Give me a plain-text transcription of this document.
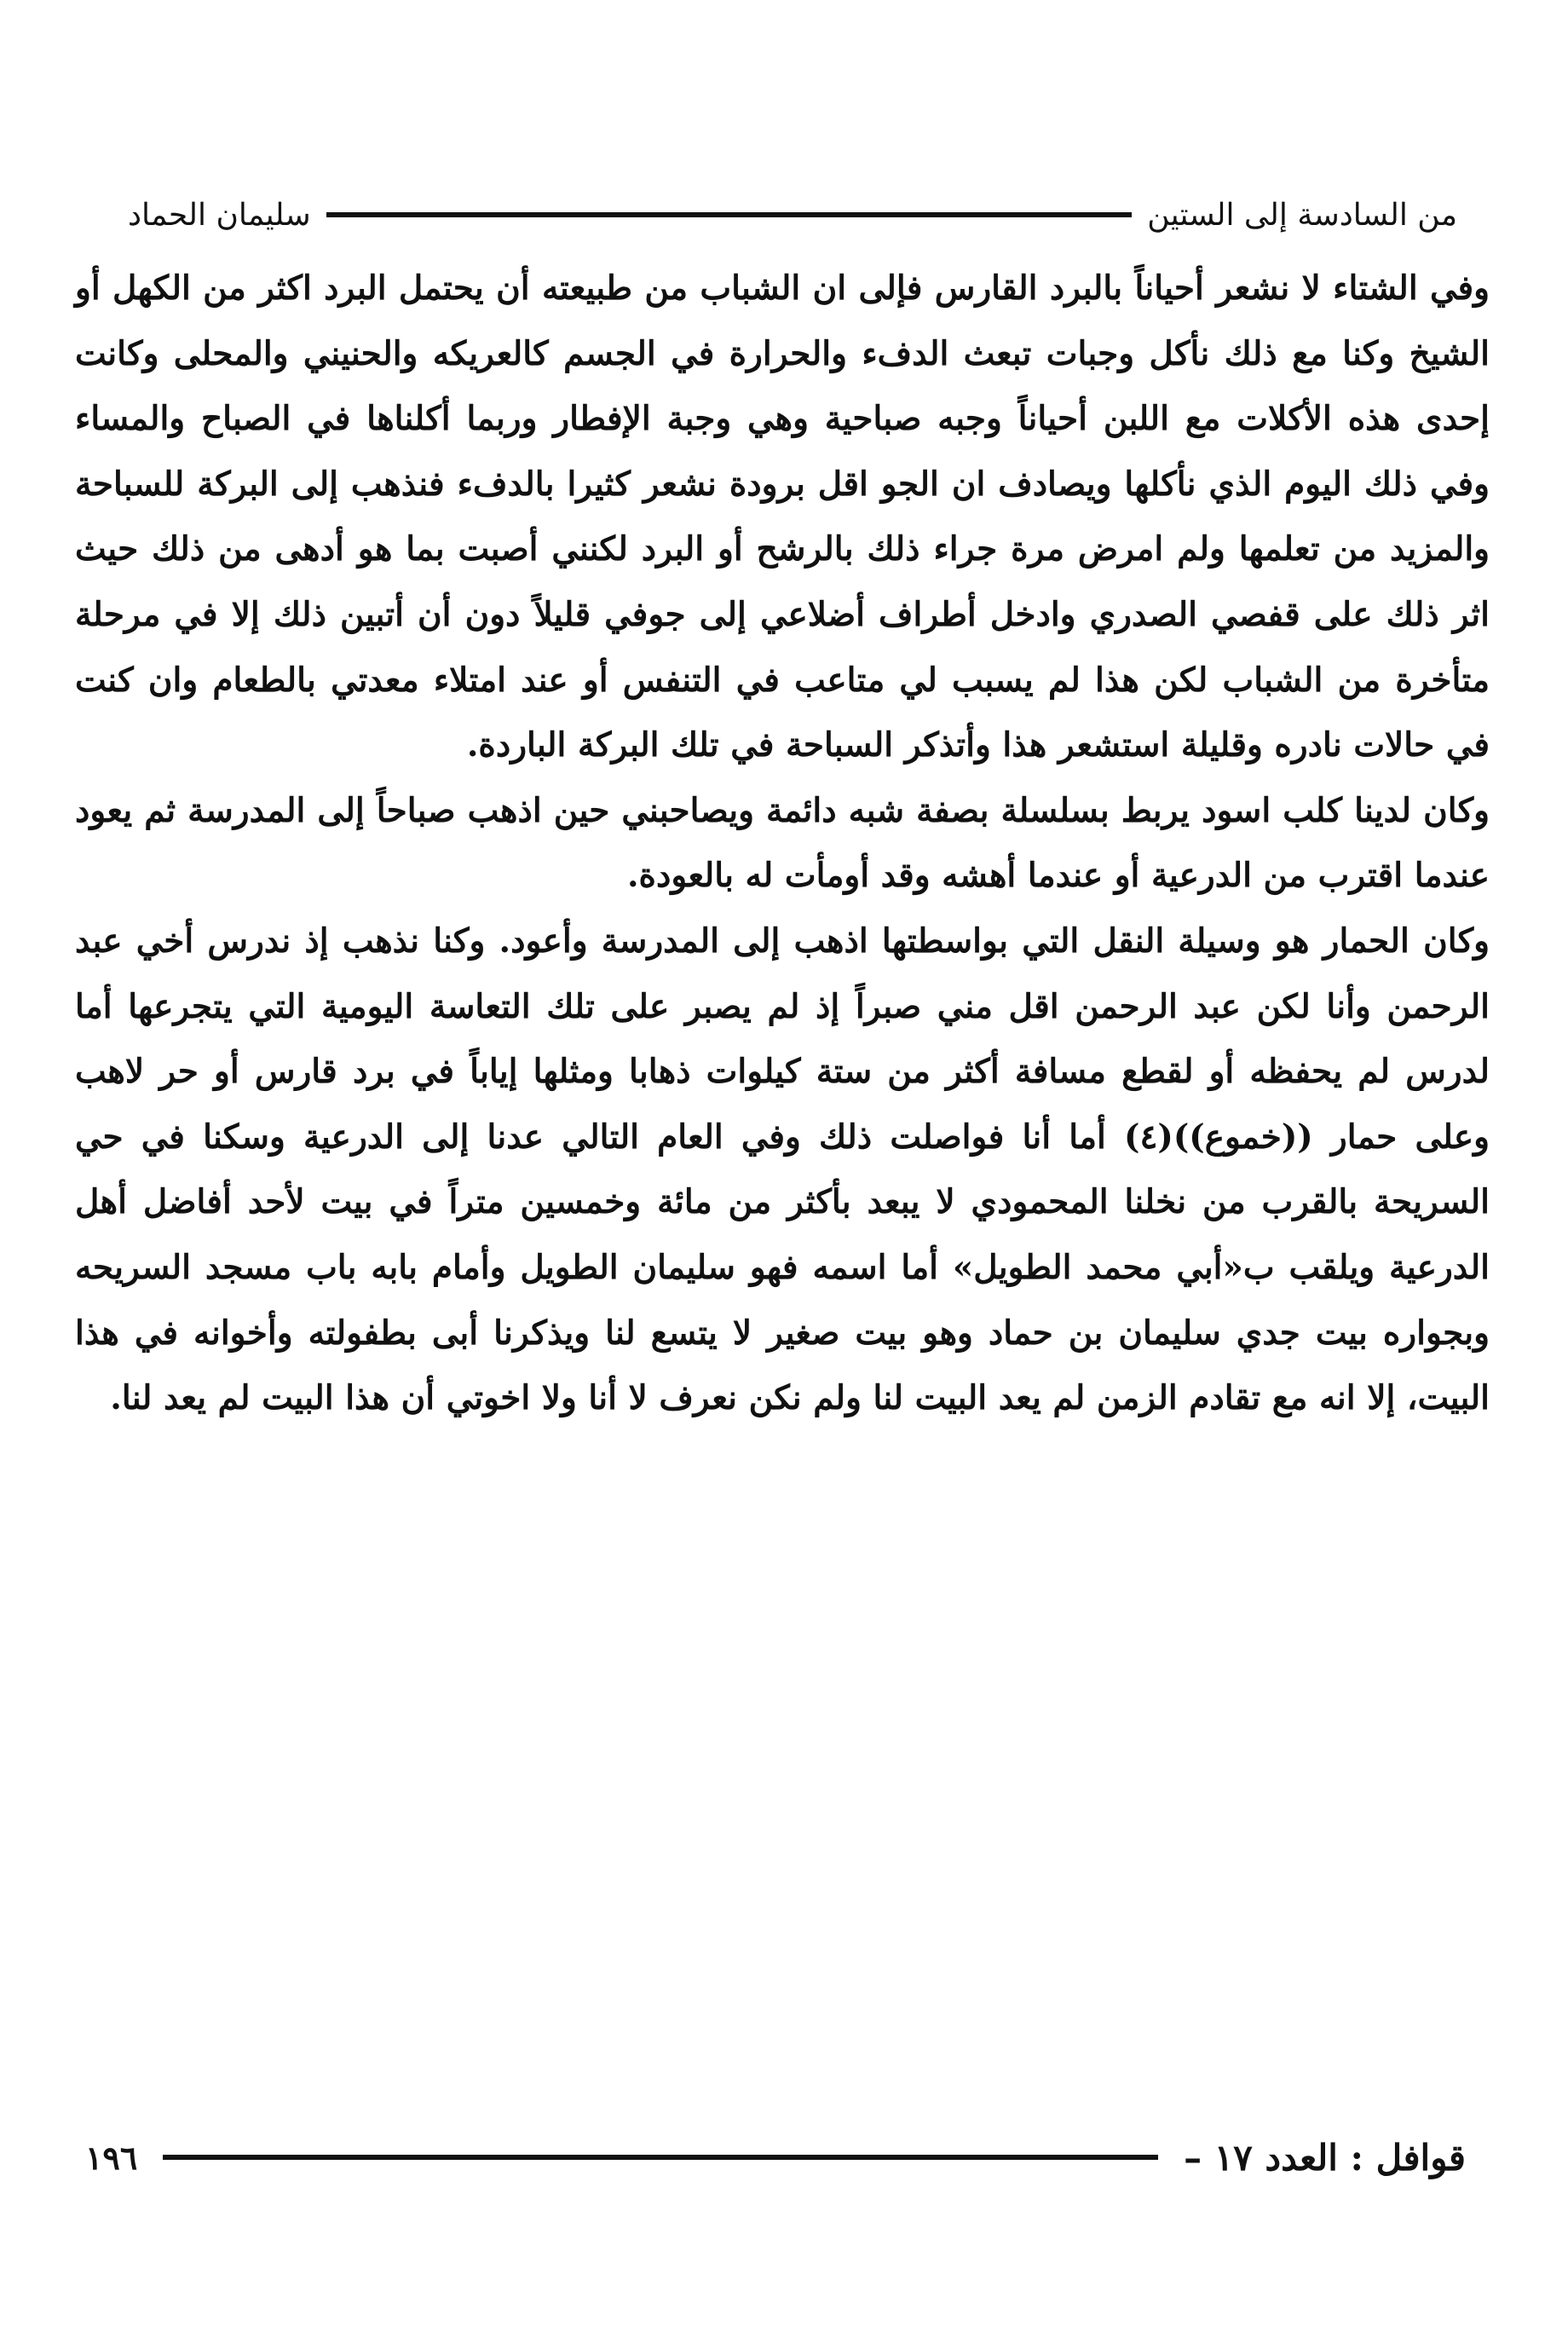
من السادسة إلى الستين
سليمان الحماد

وفي الشتاء لا نشعر أحياناً بالبرد القارس فإلى ان الشباب من طبيعته أن يحتمل البرد اكثر من الكهل أو الشيخ وكنا مع ذلك نأكل وجبات تبعث الدفء والحرارة في الجسم كالعريكه والحنيني والمحلى وكانت إحدى هذه الأكلات مع اللبن أحياناً وجبه صباحية وهي وجبة الإفطار وربما أكلناها في الصباح والمساء وفي ذلك اليوم الذي نأكلها ويصادف ان الجو اقل برودة نشعر كثيرا بالدفء فنذهب إلى البركة للسباحة والمزيد من تعلمها ولم امرض مرة جراء ذلك بالرشح أو البرد لكنني أصبت بما هو أدهى من ذلك حيث اثر ذلك على قفصي الصدري وادخل أطراف أضلاعي إلى جوفي قليلاً دون أن أتبين ذلك إلا في مرحلة متأخرة من الشباب لكن هذا لم يسبب لي متاعب في التنفس أو عند امتلاء معدتي بالطعام وان كنت في حالات نادره وقليلة استشعر هذا وأتذكر السباحة في تلك البركة الباردة.

وكان لدينا كلب اسود يربط بسلسلة بصفة شبه دائمة ويصاحبني حين اذهب صباحاً إلى المدرسة ثم يعود عندما اقترب من الدرعية أو عندما أهشه وقد أومأت له بالعودة.

وكان الحمار هو وسيلة النقل التي بواسطتها اذهب إلى المدرسة وأعود. وكنا نذهب إذ ندرس أخي عبد الرحمن وأنا لكن عبد الرحمن اقل مني صبراً إذ لم يصبر على تلك التعاسة اليومية التي يتجرعها أما لدرس لم يحفظه أو لقطع مسافة أكثر من ستة كيلوات ذهابا ومثلها إياباً في برد قارس أو حر لاهب وعلى حمار ((خموع))(٤) أما أنا فواصلت ذلك وفي العام التالي عدنا إلى الدرعية وسكنا في حي السريحة بالقرب من نخلنا المحمودي لا يبعد بأكثر من مائة وخمسين متراً في بيت لأحد أفاضل أهل الدرعية ويلقب ب«أبي محمد الطويل» أما اسمه فهو سليمان الطويل وأمام بابه باب مسجد السريحه وبجواره بيت جدي سليمان بن حماد وهو بيت صغير لا يتسع لنا ويذكرنا أبى بطفولته وأخوانه في هذا البيت، إلا انه مع تقادم الزمن لم يعد البيت لنا ولم نكن نعرف لا أنا ولا اخوتي أن هذا البيت لم يعد لنا.

قوافل : العدد ١٧ –
١٩٦
